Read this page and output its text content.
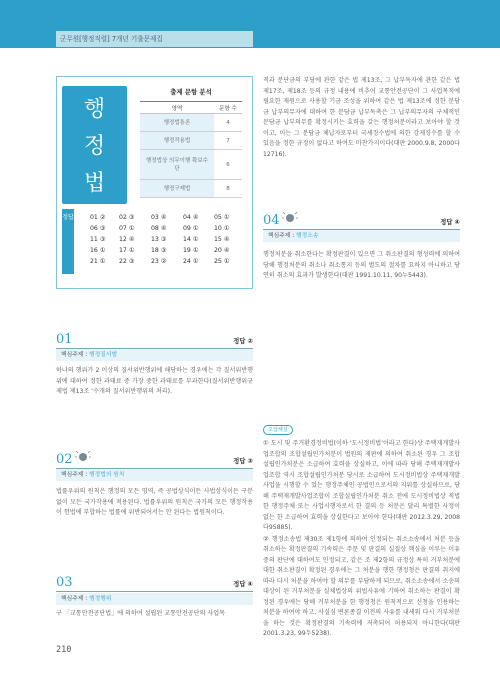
군무원[행정직렬] 7개년 기출문제집
행
정
법
출제 문항 분석
영역	문항 수
행정법통론	4
행정작용법	7
행정법상 의무이행 확보수단	6
행정구제법	8
정답	01 ② 02 ③	03 ④	04 ④	05 ①
06 ③ 07 ①	08 ④	09 ①	10 ①
11 ③ 12 ④	13 ③	14 ①	15 ④
16 ① 17 ①	18 ③	19 ①	20 ④
21 ① 22 ③	23 ②	24 ①	25 ①
01	정답 ②
핵심주제 : 행정질서벌
하나의 행위가 2 이상의 질서위반행위에 해당하는 경우에는 각 질서위반행위에 대하여 정한 과태료 중 가장 중한 과태료를 부과한다(질서위반행위규제법 제13조 ‘수개의 질서위반행위의 처리).
02	정답 ③
핵심주제 : 행정법의 원칙
법률우위의 원칙은 행정의 모든 영역, 즉 공법상식이든 사법상식이든 구분 없이 모든 국가작용에 적용된다. 법률우위의 원칙은 국가의 모든 행정작용이 헌법에 부합하는 법률에 위반되어서는 안 된다는 법원칙이다.
03	정답 ④
핵심주제 : 행정행위
구 「교통안전공단법」에 의하여 설립된 교통안전공단의 사업목
적과 분단금의 부당에 관한 같은 법 제13조, 그 납부독자에 관한 같은 법 제17조, 제18조 등의 규정 내용에 비추어 교통안전공단이 그 사업목적에 필요한 재원으로 사용할 기금 조성을 위하여 같은 법 제13조에 정한 분담금 납부의무자에 대하여 한 분담금 납부독촉은 그 납부의무자의 구체적인 분담금 납부의무를 확정시키는 효력을 갖는 행정처분이라고 보아야 할 것이고, 이는 그 분담금 체납자로부터 국세징수법에 의한 강제징수를 할 수 있음을 정한 규정이 없다고 하여도 마찬가지이다(대판 2000.9.8, 2000다12716).
04	정답 ④
핵심주제 : 행정소송
행정처분을 취소한다는 확정판결이 있으면 그 취소판결의 형성력에 의하여 당해 행정처분의 취소나 취소통지 등의 별도의 절차를 요하지 아니하고 당연히 취소의 효과가 발생한다(대판 1991.10.11, 90누5443).
오답해설
① 도시 및 주거환경정비법(이하 ‘도시정비법’이라고 한다)상 주택재개발사업조합의 조합설립인가처분이 법원의 재판에 의하여 취소된 경우 그 조합설립인가처분은 소급하여 효력을 상실하고, 이에 따라 당해 주택재개발사업조합 역시 조합설립인가처분 당시로 소급하여 도시정비법상 주택재개발사업을 시행할 수 있는 행정주체인 공법인으로서의 지위를 상실하므로, 당해 주택재개발사업조합이 조합설립인가처분 취소 전에 도시정비법상 적법한 행정주체 또는 사업시행자로서 한 결의 등 처분은 달리 특별한 사정이 없는 한 소급하여 효력을 상실한다고 보아야 한다(대판 2012.3.29, 2008다95885).
② 행정소송법 제30조 제1항에 의하여 인정되는 취소소송에서 처분 등을 취소하는 확정판결의 기속력은 주문 및 판결의 실질상 핵심을 이루는 이유 중의 판단에 대하여도 인정되고, 같은 조 제2항의 규정상 특히 거부처분에 대한 취소판결이 확정된 경우에는 그 처분을 행한 행정청은 판결의 취지에 따라 다시 처분을 하여야 할 의무를 부담하게 되므로, 취소소송에서 소송의 대상이 된 거부처분을 실체법상의 위법사유에 기하여 취소하는 판결이 확정된 경우에는 당해 거부처분을 한 행정청은 원칙적으로 신청을 인용하는 처분을 하여야 하고, 사실심 변론종결 이전의 사유를 내세워 다시 거부처분을 하는 것은 확정판결의 기속력에 저촉되어 허용되지 아니한다(대판 2001.3.23, 99두5238).
210
